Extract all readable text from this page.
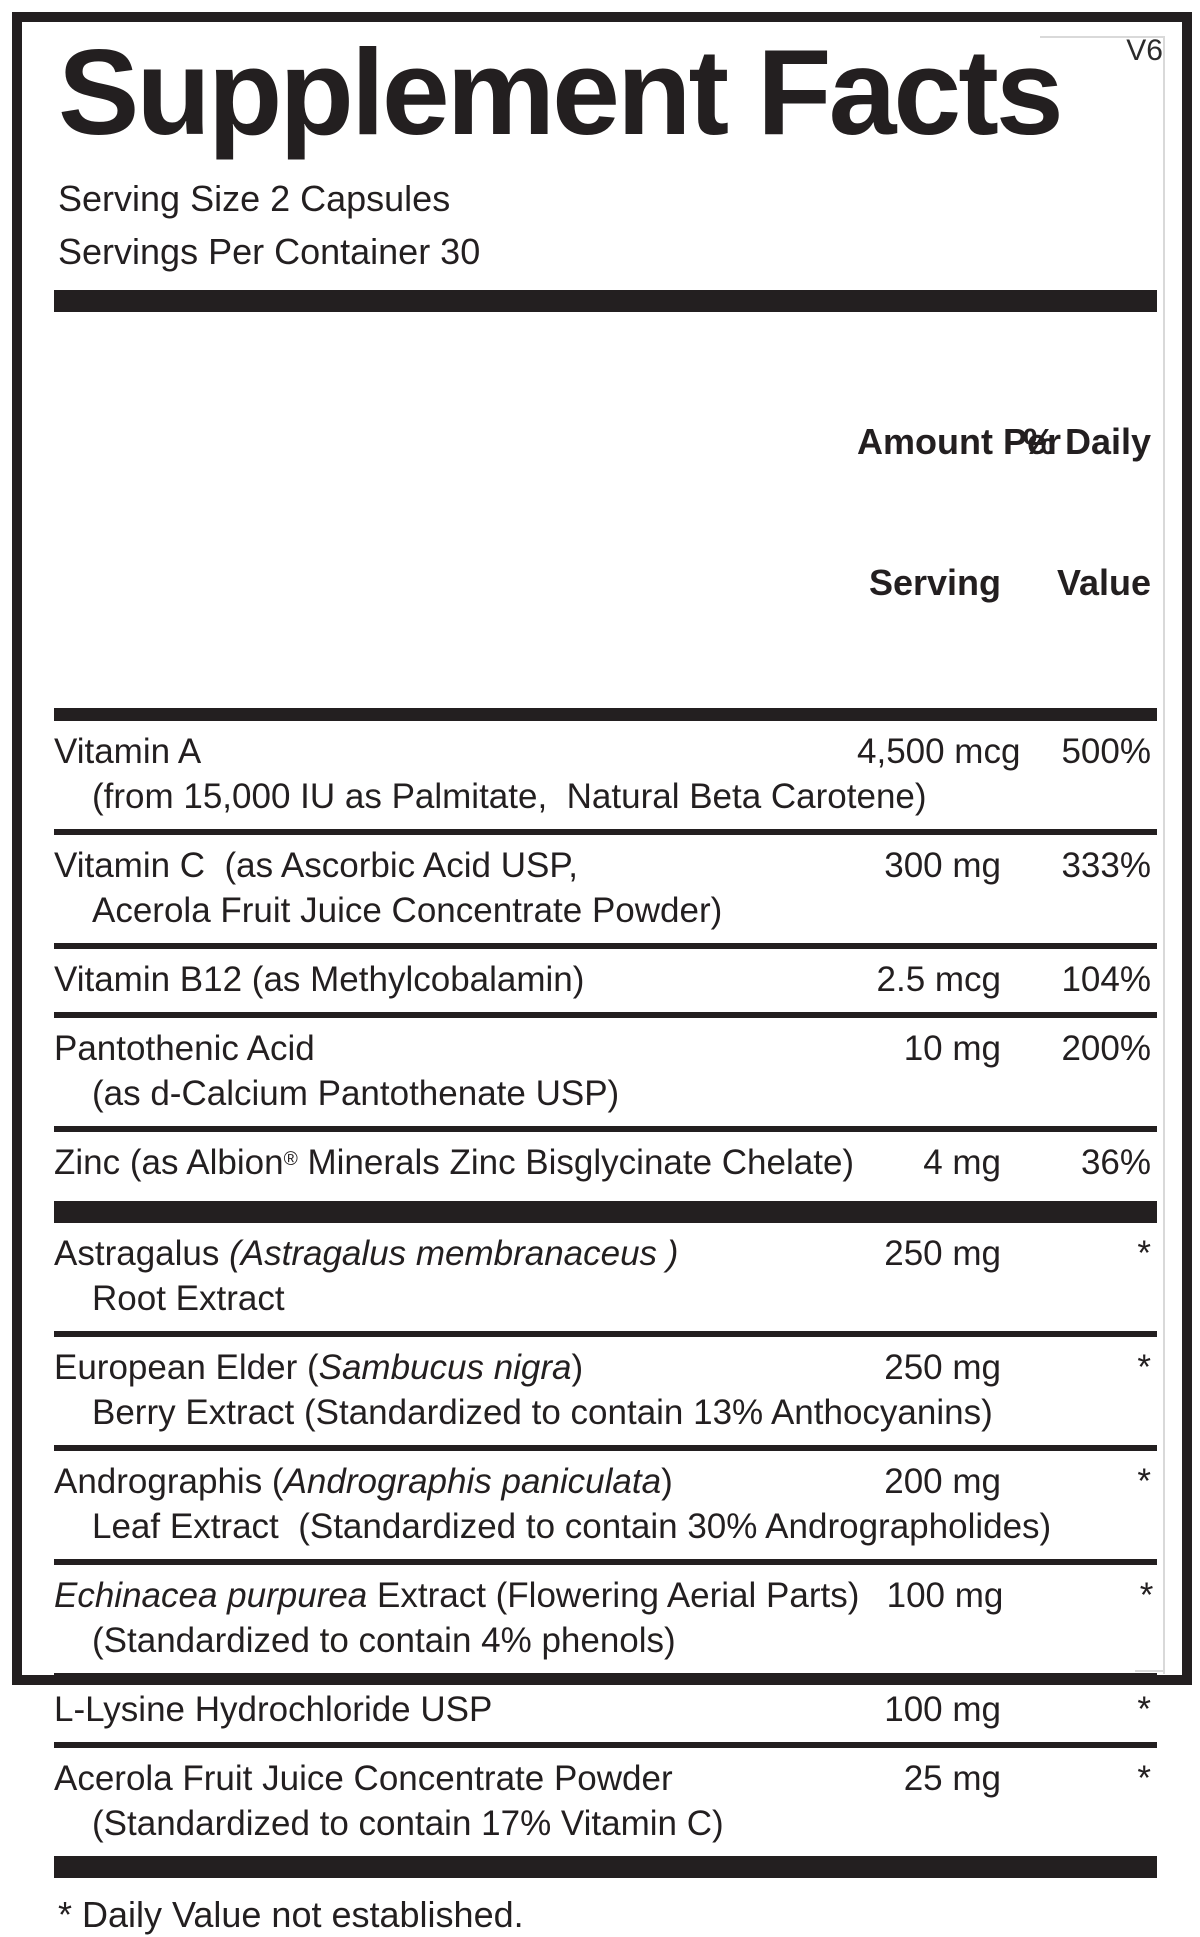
V6
Supplement Facts
Serving Size 2 Capsules
Servings Per Container 30

Amount Per

Serving

% Daily

Value

Vitamin A	4,500 mcg	500%
(from 15,000 IU as Palmitate,  Natural Beta Carotene)
Vitamin C  (as Ascorbic Acid USP,	300 mg	333%
Acerola Fruit Juice Concentrate Powder)
Vitamin B12 (as Methylcobalamin)	2.5 mcg	104%
Pantothenic Acid	10 mg	200%
(as d-Calcium Pantothenate USP)
Zinc (as Albion® Minerals Zinc Bisglycinate Chelate)	4 mg	36%
Astragalus (Astragalus membranaceus )	250 mg	*
Root Extract
European Elder (Sambucus nigra)	250 mg	*
Berry Extract (Standardized to contain 13% Anthocyanins)
Andrographis (Andrographis paniculata)	200 mg	*
Leaf Extract  (Standardized to contain 30% Andrographolides)
Echinacea purpurea Extract (Flowering Aerial Parts) 100 mg	*
(Standardized to contain 4% phenols)
L-Lysine Hydrochloride USP	100 mg	*
Acerola Fruit Juice Concentrate Powder	25 mg	*
(Standardized to contain 17% Vitamin C)
* Daily Value not established.
